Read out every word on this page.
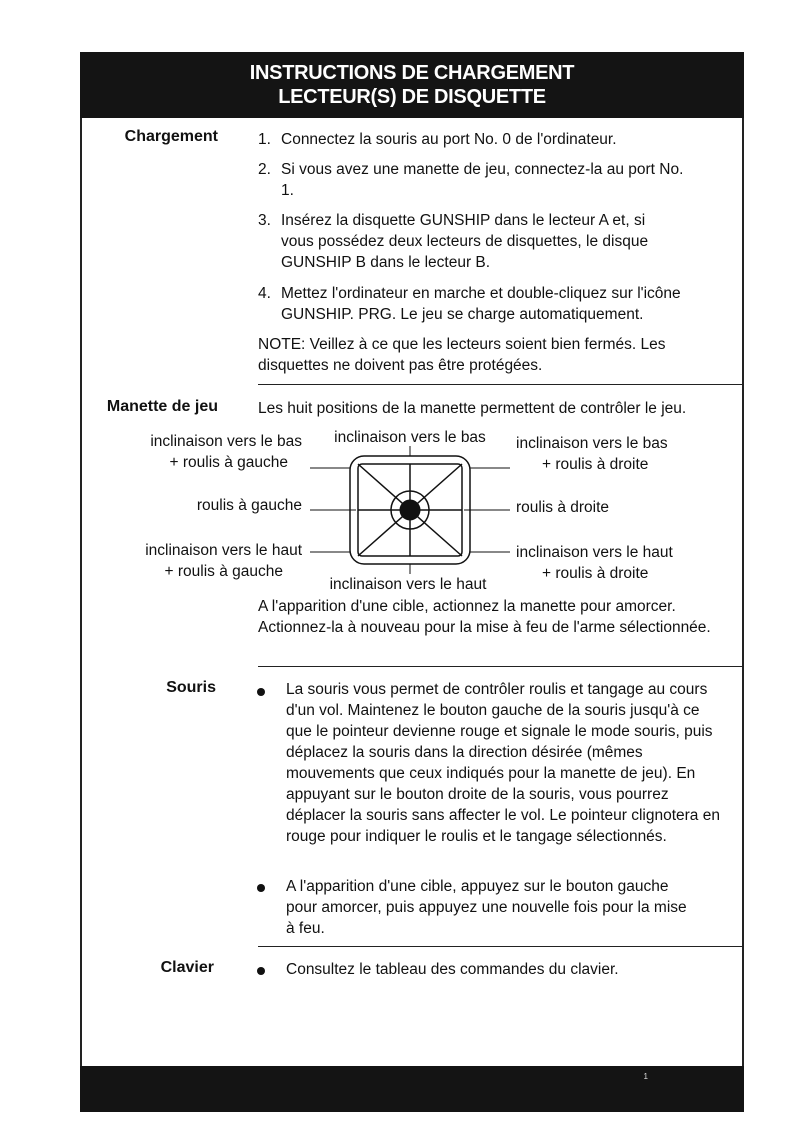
INSTRUCTIONS DE CHARGEMENT
LECTEUR(S) DE DISQUETTE
Chargement	1. Connectez la souris au port No. 0 de l'ordinateur.
2. Si vous avez une manette de jeu, connectez-la au port No. 1.
3. Insérez la disquette GUNSHIP dans le lecteur A et, si vous possédez deux lecteurs de disquettes, le disque GUNSHIP B dans le lecteur B.
4. Mettez l'ordinateur en marche et double-cliquez sur l'icône GUNSHIP. PRG. Le jeu se charge automatiquement.
NOTE: Veillez à ce que les lecteurs soient bien fermés. Les disquettes ne doivent pas être protégées.
Manette de jeu	Les huit positions de la manette permettent de contrôler le jeu.
inclinaison vers le bas
inclinaison vers le bas
+ roulis à gauche
inclinaison vers le bas
+ roulis à droite
roulis à gauche	roulis à droite
inclinaison vers le haut
+ roulis à gauche
inclinaison vers le haut
+ roulis à droite
inclinaison vers le haut
A l'apparition d'une cible, actionnez la manette pour amorcer. Actionnez-la à nouveau pour la mise à feu de l'arme sélectionnée.
Souris	La souris vous permet de contrôler roulis et tangage au cours d'un vol. Maintenez le bouton gauche de la souris jusqu'à ce que le pointeur devienne rouge et signale le mode souris, puis déplacez la souris dans la direction désirée (mêmes mouvements que ceux indiqués pour la manette de jeu). En appuyant sur le bouton droite de la souris, vous pourrez déplacer la souris sans affecter le vol. Le pointeur clignotera en rouge pour indiquer le roulis et le tangage sélectionnés.
A l'apparition d'une cible, appuyez sur le bouton gauche pour amorcer, puis appuyez une nouvelle fois pour la mise à feu.
Clavier	Consultez le tableau des commandes du clavier.
1
